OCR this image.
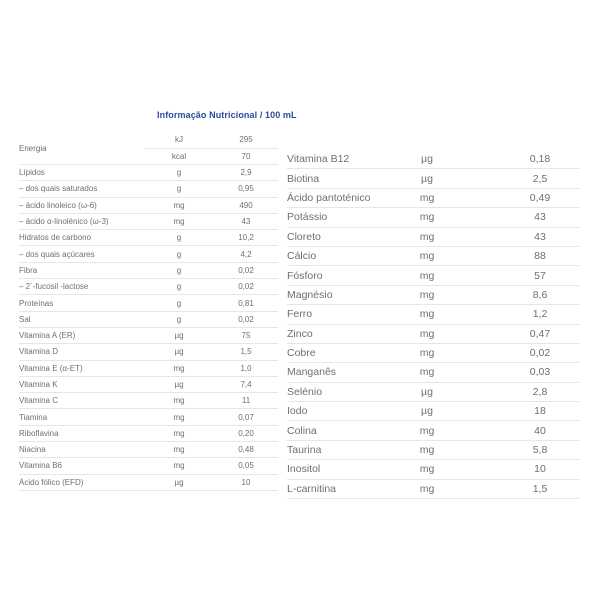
Informação Nutricional / 100 mL
Energia
kJ	295
kcal	70
Lípidos	g	2,9
– dos quais saturados	g	0,95
– ácido linoleico (ω-6)	mg	490
– ácido α-linolénico (ω-3)	mg	43
Hidratos de carbono	g	10,2
– dos quais açúcares	g	4,2
Fibra	g	0,02
– 2´-fucosil -lactose	g	0,02
Proteínas	g	0,81
Sal	g	0,02
Vitamina A (ER)	µg	75
Vitamina D	µg	1,5
Vitamina E (α-ET)	mg	1,0
Vitamina K	µg	7,4
Vitamina C	mg	11
Tiamina	mg	0,07
Riboflavina	mg	0,20
Niacina	mg	0,48
Vitamina B6	mg	0,05
Ácido fólico (EFD)	µg	10
Vitamina B12	µg	0,18
Biotina	µg	2,5
Ácido pantoténico	mg	0,49
Potássio	mg	43
Cloreto	mg	43
Cálcio	mg	88
Fósforo	mg	57
Magnésio	mg	8,6
Ferro	mg	1,2
Zinco	mg	0,47
Cobre	mg	0,02
Manganês	mg	0,03
Selénio	µg	2,8
Iodo	µg	18
Colina	mg	40
Taurina	mg	5,8
Inositol	mg	10
L-carnitina	mg	1,5
